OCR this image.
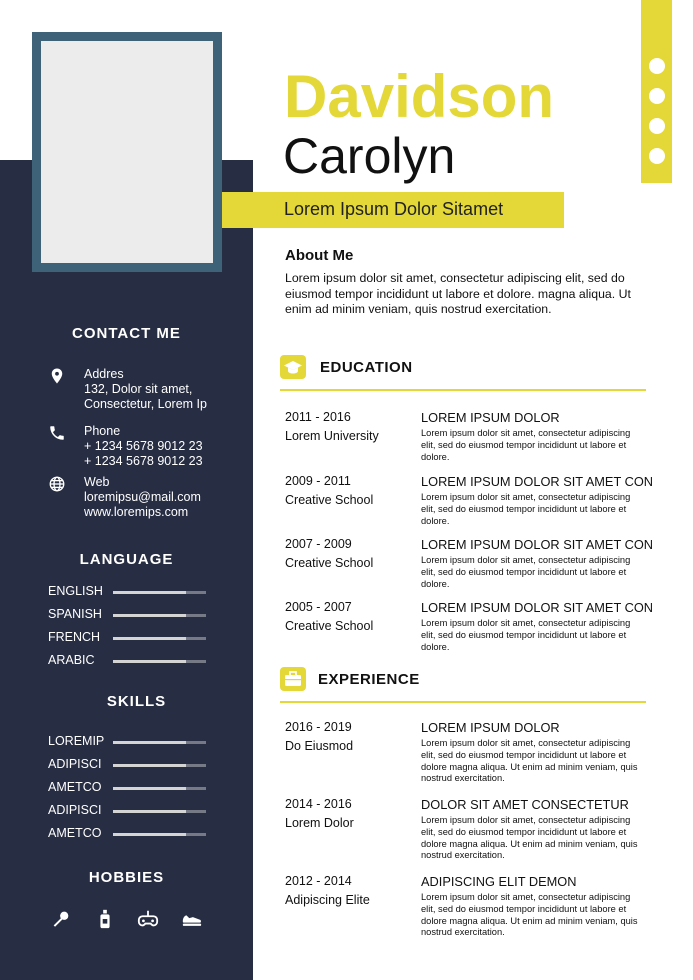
CONTACT ME
Addres
132, Dolor sit amet,
Consectetur, Lorem Ip
Phone
+ 1234 5678 9012 23
+ 1234 5678 9012 23
Web
loremipsu@mail.com
www.loremips.com
LANGUAGE
ENGLISH
SPANISH
FRENCH
ARABIC
SKILLS
LOREMIP
ADIPISCI
AMETCO
ADIPISCI
AMETCO
HOBBIES
Davidson
Carolyn
Lorem Ipsum Dolor Sitamet
About Me
Lorem ipsum dolor sit amet, consectetur adipiscing elit, sed do eiusmod tempor incididunt ut labore et dolore. magna aliqua. Ut enim ad minim veniam, quis nostrud exercitation.
EDUCATION
2011 - 2016
Lorem University
LOREM IPSUM DOLOR
Lorem ipsum dolor sit amet, consectetur adipiscing elit, sed do eiusmod tempor incididunt ut labore et dolore.
2009 - 2011
Creative School
LOREM IPSUM DOLOR SIT AMET CON
Lorem ipsum dolor sit amet, consectetur adipiscing elit, sed do eiusmod tempor incididunt ut labore et dolore.
2007 - 2009
Creative School
LOREM IPSUM DOLOR SIT AMET CON
Lorem ipsum dolor sit amet, consectetur adipiscing elit, sed do eiusmod tempor incididunt ut labore et dolore.
2005 - 2007
Creative School
LOREM IPSUM DOLOR SIT AMET CON
Lorem ipsum dolor sit amet, consectetur adipiscing elit, sed do eiusmod tempor incididunt ut labore et dolore.
EXPERIENCE
2016 - 2019
Do Eiusmod
LOREM IPSUM DOLOR
Lorem ipsum dolor sit amet, consectetur adipiscing elit, sed do eiusmod tempor incididunt ut labore et dolore magna aliqua. Ut enim ad minim veniam, quis nostrud exercitation.
2014 - 2016
Lorem Dolor
DOLOR SIT AMET CONSECTETUR
Lorem ipsum dolor sit amet, consectetur adipiscing elit, sed do eiusmod tempor incididunt ut labore et dolore magna aliqua. Ut enim ad minim veniam, quis nostrud exercitation.
2012 - 2014
Adipiscing Elite
ADIPISCING ELIT DEMON
Lorem ipsum dolor sit amet, consectetur adipiscing elit, sed do eiusmod tempor incididunt ut labore et dolore magna aliqua. Ut enim ad minim veniam, quis nostrud exercitation.
